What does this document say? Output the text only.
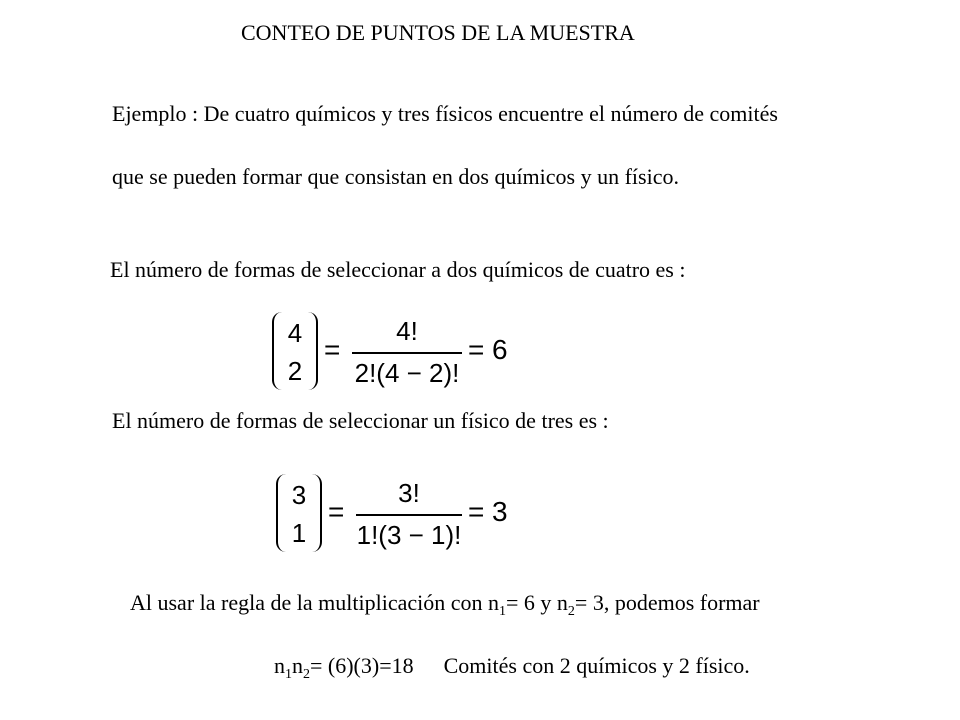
CONTEO DE PUNTOS DE LA MUESTRA
Ejemplo : De cuatro químicos y tres físicos encuentre el número de comités
que se pueden formar que consistan en dos químicos y un físico.
El número de formas de seleccionar a dos químicos de cuatro es :
4
2
=
4!
2!(4 − 2)!
= 6
El número de formas de seleccionar un físico de tres es :
3
1
=
3!
1!(3 − 1)!
= 3
Al usar la regla de la multiplicación con $n_1= 6$ y $n_2= 3$, podemos formar
$n_1n_2= (6)(3)=18$ Comités con 2 químicos y 2 físico.
